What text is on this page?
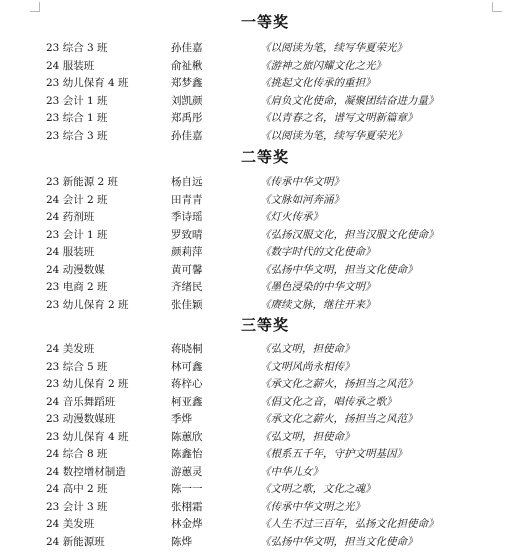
一等奖
23 综合 3 班	孙佳嘉	《以阅读为笔，续写华夏荣光》
24 服装班	俞祉楸	《游神之旅闪耀文化之光》
23 幼儿保育 4 班	郑梦鑫	《挑起文化传承的重担》
23 会计 1 班	刘凯颜	《肩负文化使命，凝聚团结奋进力量》
23 综合 1 班	郑禹彤	《以青春之名，谱写文明新篇章》
23 综合 3 班	孙佳嘉	《以阅读为笔，续写华夏荣光》
二等奖
23 新能源 2 班	杨自远	《传承中华文明》
24 会计 2 班	田青青	《文脉如河奔涌》
24 药剂班	季诗瑶	《灯火传承》
23 会计 1 班	罗致晴	《弘扬汉服文化，担当汉服文化使命》
24 服装班	颜莉萍	《数字时代的文化使命》
24 动漫数媒	黄可馨	《弘扬中华文明，担当文化使命》
23 电商 2 班	齐绪民	《墨色浸染的中华文明》
23 幼儿保育 2 班	张佳颖	《赓续文脉，继往开来》
三等奖
24 美发班	蒋晓桐	《弘文明，担使命》
23 综合 5 班	林可鑫	《文明风尚永相传》
23 幼儿保育 2 班	蒋梓心	《承文化之薪火，扬担当之风范》
24 音乐舞蹈班	柯亚鑫	《倡文化之音，唱传承之歌》
23 动漫数媒班	季烨	《承文化之薪火，扬担当之风范》
23 幼儿保育 4 班	陈蕙欣	《弘文明，担使命》
24 综合 8 班	陈鑫怡	《根系五千年，守护文明基因》
24 数控增材制造	游蕙灵	《中华儿女》
24 高中 2 班	陈一一	《文明之歌，文化之魂》
23 会计 3 班	张栩霜	《传承中华文明之光》
24 美发班	林金烨	《人生不过三百年，弘扬文化担使命》
24 新能源班	陈烨	《弘扬中华文明，担当文化使命》
